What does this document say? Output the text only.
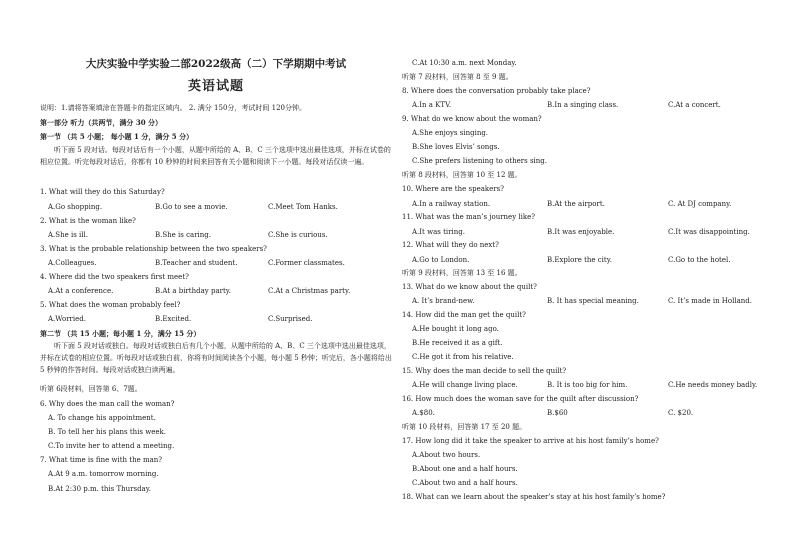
大庆实验中学实验二部2022级高（二）下学期期中考试
英语试题
说明：1.请将答案填涂在答题卡的指定区域内。 2. 满分 150分，考试时间 120分钟。
第一部分 听力（共两节，满分 30 分）
第一节 （共 5 小题； 每小题 1 分，满分 5 分）
听下面 5 段对话。每段对话后有一个小题，从题中所给的 A、B、C 三个选项中选出最佳选项，并标在试卷的相应位置。听完每段对话后，你都有 10 秒钟的时间来回答有关小题和阅读下一小题。每段对话仅读一遍。
1. What will they do this Saturday?
A.Go shopping.	B.Go to see a movie.	C.Meet Tom Hanks.
2. What is the woman like?
A.She is ill.	B.She is caring.	C.She is curious.
3. What is the probable relationship between the two speakers?
A.Colleagues.	B.Teacher and student.	C.Former classmates.
4. Where did the two speakers first meet?
A.At a conference.	B.At a birthday party.	C.At a Christmas party.
5. What does the woman probably feel?
A.Worried.	B.Excited.	C.Surprised.
第二节 （共 15 小题；每小题 1 分，满分 15 分）
听下面 5 段对话或独白。每段对话或独白后有几个小题，从题中所给的 A、B、C 三个选项中选出最佳选项，并标在试卷的相应位置。听每段对话或独白前，你将有时间阅读各个小题，每小题 5 秒钟；听完后，各小题将给出 5 秒钟的作答时间。每段对话或独白读两遍。
听第 6段材料，回答第 6、7题。
6. Why does the man call the woman?
A. To change his appointment.
B. To tell her his plans this week.
C.To invite her to attend a meeting.
7. What time is fine with the man?
A.At 9 a.m. tomorrow morning.
B.At 2:30 p.m. this Thursday.
C.At 10:30 a.m. next Monday.
听第 7 段材料，回答第 8 至 9 题。
8. Where does the conversation probably take place?
A.In a KTV.	B.In a singing class.	C.At a concert.
9. What do we know about the woman?
A.She enjoys singing.
B.She loves Elvis’ songs.
C.She prefers listening to others sing.
听第 8 段材料，回答第 10 至 12 题。
10. Where are the speakers?
A.In a railway station.	B.At the airport.	C. At DJ company.
11. What was the man’s journey like?
A.It was tiring.	B.It was enjoyable.	C.It was disappointing.
12. What will they do next?
A.Go to London.	B.Explore the city.	C.Go to the hotel.
听第 9 段材料，回答第 13 至 16 题。
13. What do we know about the quilt?
A. It’s brand-new.	B. It has special meaning.	C. It’s made in Holland.
14. How did the man get the quilt?
A.He bought it long ago.
B.He received it as a gift.
C.He got it from his relative.
15. Why does the man decide to sell the quilt?
A.He will change living place.	B. It is too big for him.	C.He needs money badly.
16. How much does the woman save for the quilt after discussion?
A.$80.	B.$60	C. $20.
听第 10 段材料，回答第 17 至 20 题。
17. How long did it take the speaker to arrive at his host family’s home?
A.About two hours.
B.About one and a half hours.
C.About two and a half hours.
18. What can we learn about the speaker’s stay at his host family’s home?
